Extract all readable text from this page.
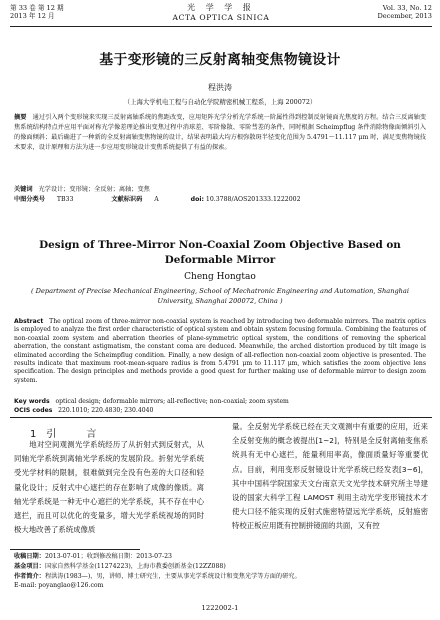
第 33 卷 第 12 期
2013 年 12 月
光 学 学 报
ACTA OPTICA SINICA
Vol. 33, No. 12
December, 2013
基于变形镜的三反射离轴变焦物镜设计
程洪涛
（上海大学机电工程与自动化学院精密机械工程系，上海 200072）
摘要 通过引入两个变形镜来实现三反射离轴系统的焦距改变，应用矩阵光学分析光学系统一阶属性得到控制反射镜面光焦度的方程。结合三反离轴变焦系统结构特点并应用平面对称光学像差理论推出变焦过程中消球差、零阶像散、零阶彗差的条件，同时根据 Scheimpflug 条件消除物像面倾斜引入的像面倾斜；最后确进了一种新的全反射离轴变焦物镜的设计，结果表明最大均方根弥散斑半径变化范围为 5.4791～11.117 μm 时，满足变焦物镜技术要求，设计原理和方法为进一步应用变形镜设计变焦系统提供了有益的探索。
关键词 光学设计；变形镜；全反射；离轴；变焦
中图分类号 TB33	文献标识码 A	doi: 10.3788/AOS201333.1222002
Design of Three-Mirror Non-Coaxial Zoom Objective Based on Deformable Mirror
Cheng Hongtao
( Department of Precise Mechanical Engineering, School of Mechatronic Engineering and Automation, Shanghai University, Shanghai 200072, China )
Abstract The optical zoom of three-mirror non-coaxial system is reached by introducing two deformable mirrors. The matrix optics is employed to analyze the first order characteristic of optical system and obtain system focusing formula. Combining the features of non-coaxial zoom system and aberration theories of plane-symmetric optical system, the conditions of removing the spherical aberration, the constant astigmatism, the constant coma are deduced. Meanwhile, the arched distortion produced by tilt image is eliminated according the Scheimpflug condition. Finally, a new design of all-reflection non-coaxial zoom objective is presented. The results indicate that maximum root-mean-square radius is from 5.4791 μm to 11.117 μm, which satisfies the zoom objective lens specification. The design principles and methods provide a good quest for further making use of deformable mirror to design zoom system.
Key words optical design; deformable mirrors; all-reflective; non-coaxial; zoom system
OCIS codes 220.1010; 220.4830; 230.4040
1引　言
地对空间观测光学系统经历了从折射式到反射式，从同轴光学系统到离轴光学系统的发展阶段。折射光学系统受光学材料的限制，很难做到完全没有色差的大口径和轻量化设计；反射式中心遮拦的存在影响了成像的像质。离轴光学系统是一种无中心遮拦的光学系统，其不存在中心遮拦，而且可以优化的变量多，增大光学系统视场的同时极大地改善了系统成像质
量。全反射光学系统已经在天文观测中有重要的应用，近来全反射变焦的概念被提出[1~2]，特别是全反射离轴变焦系统具有无中心遮拦，能量利用率高，像面质量好等重要优点。目前，利用变形反射镜设计光学系统已经发表[3~6]，其中中国科学院国家天文台南京天文光学技术研究所主导建设的国家大科学工程 LAMOST 利用主动光学变形镜技术才使大口径不能实现的反射式施密特望远光学系统，反射施密特校正板应用既有控制拼镜面的共面，又有控
收稿日期：2013-07-01；收到修改稿日期：2013-07-23
基金项目：国家自然科学基金(11274223)，上海市教委创新基金(12ZZ088)
作者简介：程洪涛(1983—)，男，讲师，博士研究生，主要从事光学系统设计和变焦光学等方面的研究。
E-mail: poyanglao@126.com
1222002-1
